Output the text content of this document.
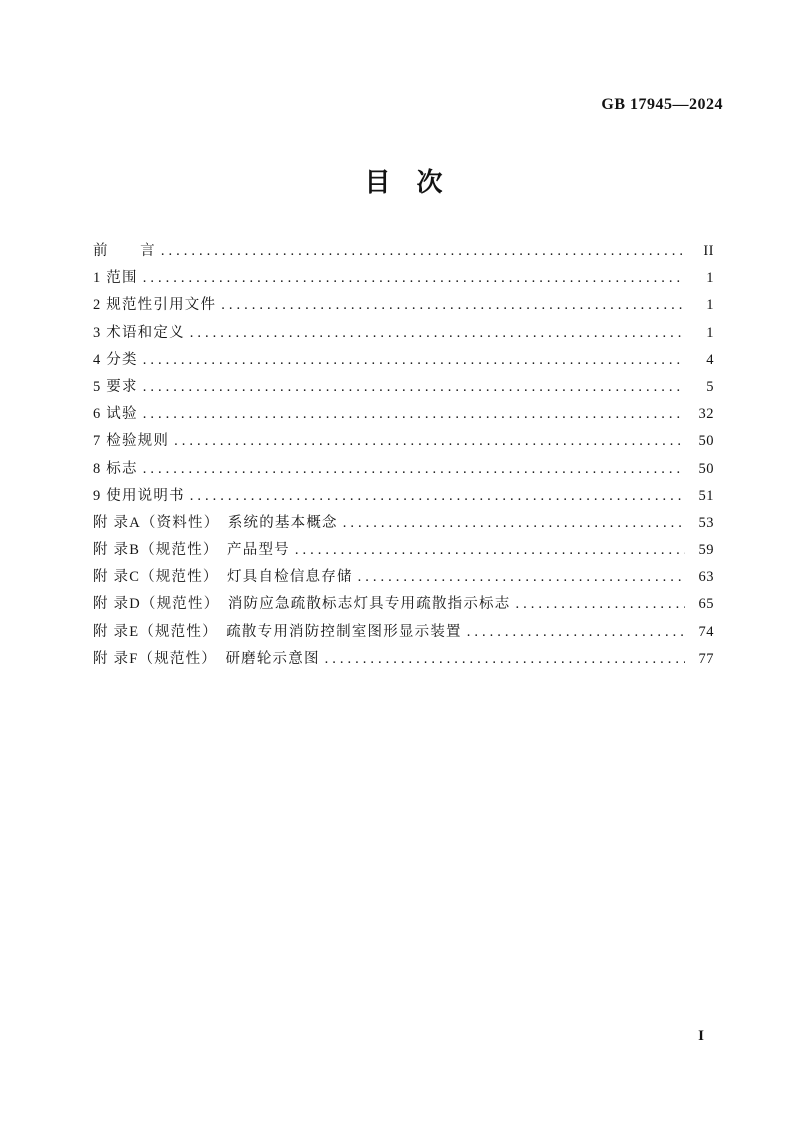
GB 17945—2024
目　次
前　　言 .....	II
1 范围 .....	1
2 规范性引用文件 .....	1
3 术语和定义 .....	1
4 分类 .....	4
5 要求 .....	5
6 试验 .....	32
7 检验规则 .....	50
8 标志 .....	50
9 使用说明书 .....	51
附 录A（资料性）　系统的基本概念 .....	53
附 录B（规范性）　产品型号 .....	59
附 录C（规范性）　灯具自检信息存储 .....	63
附 录D（规范性）　消防应急疏散标志灯具专用疏散指示标志 .....	65
附 录E（规范性）　疏散专用消防控制室图形显示装置 .....	74
附 录F（规范性）　研磨轮示意图 .....	77
I
